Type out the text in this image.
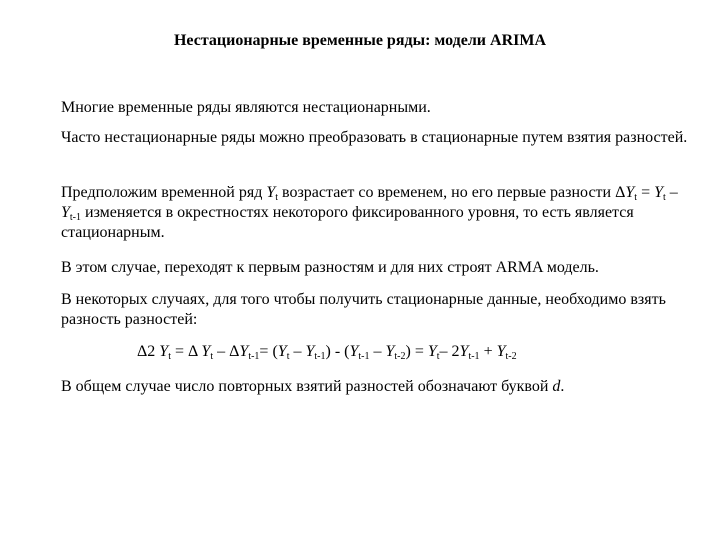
Нестационарные временные ряды: модели ARIMA

Многие временные ряды являются нестационарными.

Часто нестационарные ряды можно преобразовать в стационарные путем взятия разностей.

Предположим временной ряд $Y_t$ возрастает со временем, но его первые разности $\Delta Y_t = Y_t - Y_{t-1}$ изменяется в окрестностях некоторого фиксированного уровня, то есть является стационарным.

В этом случае, переходят к первым разностям и для них строят ARMA модель.

В некоторых случаях, для того чтобы получить стационарные данные, необходимо взять разность разностей:

Δ2 $Y_t = \Delta$ $Y_t - \Delta Y_{t-1}= (Y_t - Y_{t-1}) - (Y_{t-1} - Y_{t-2}) = Y_t-$ $2Y_{t-1} + Y_{t-2}$

В общем случае число повторных взятий разностей обозначают буквой d.
